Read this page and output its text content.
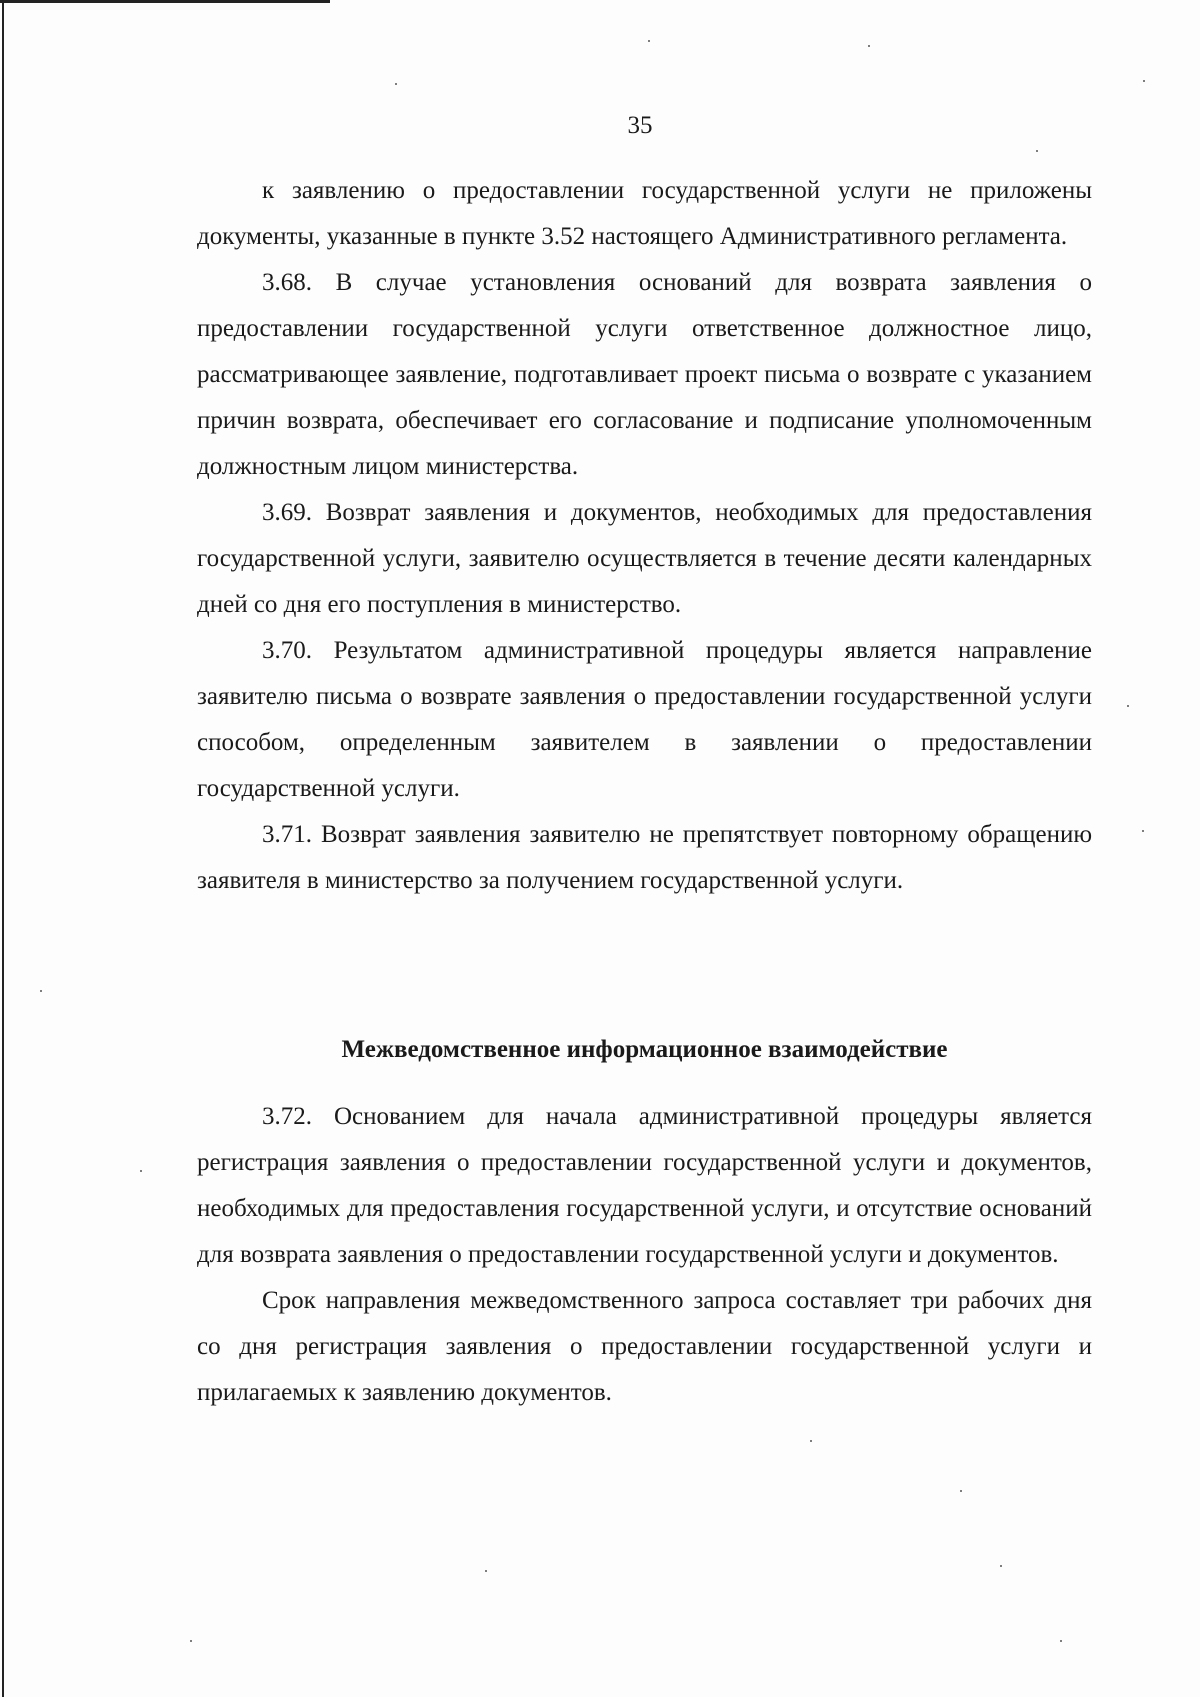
35

к заявлению о предоставлении государственной услуги не приложены документы, указанные в пункте 3.52 настоящего Административного регламента.

3.68. В случае установления оснований для возврата заявления о предоставлении государственной услуги ответственное должностное лицо, рассматривающее заявление, подготавливает проект письма о возврате с указанием причин возврата, обеспечивает его согласование и подписание уполномоченным должностным лицом министерства.

3.69. Возврат заявления и документов, необходимых для предоставления государственной услуги, заявителю осуществляется в течение десяти календарных дней со дня его поступления в министерство.

3.70. Результатом административной процедуры является направление заявителю письма о возврате заявления о предоставлении государственной услуги способом, определенным заявителем в заявлении о предоставлении государственной услуги.

3.71. Возврат заявления заявителю не препятствует повторному обращению заявителя в министерство за получением государственной услуги.

Межведомственное информационное взаимодействие

3.72. Основанием для начала административной процедуры является регистрация заявления о предоставлении государственной услуги и документов, необходимых для предоставления государственной услуги, и отсутствие оснований для возврата заявления о предоставлении государственной услуги и документов.

Срок направления межведомственного запроса составляет три рабочих дня со дня регистрация заявления о предоставлении государственной услуги и прилагаемых к заявлению документов.
